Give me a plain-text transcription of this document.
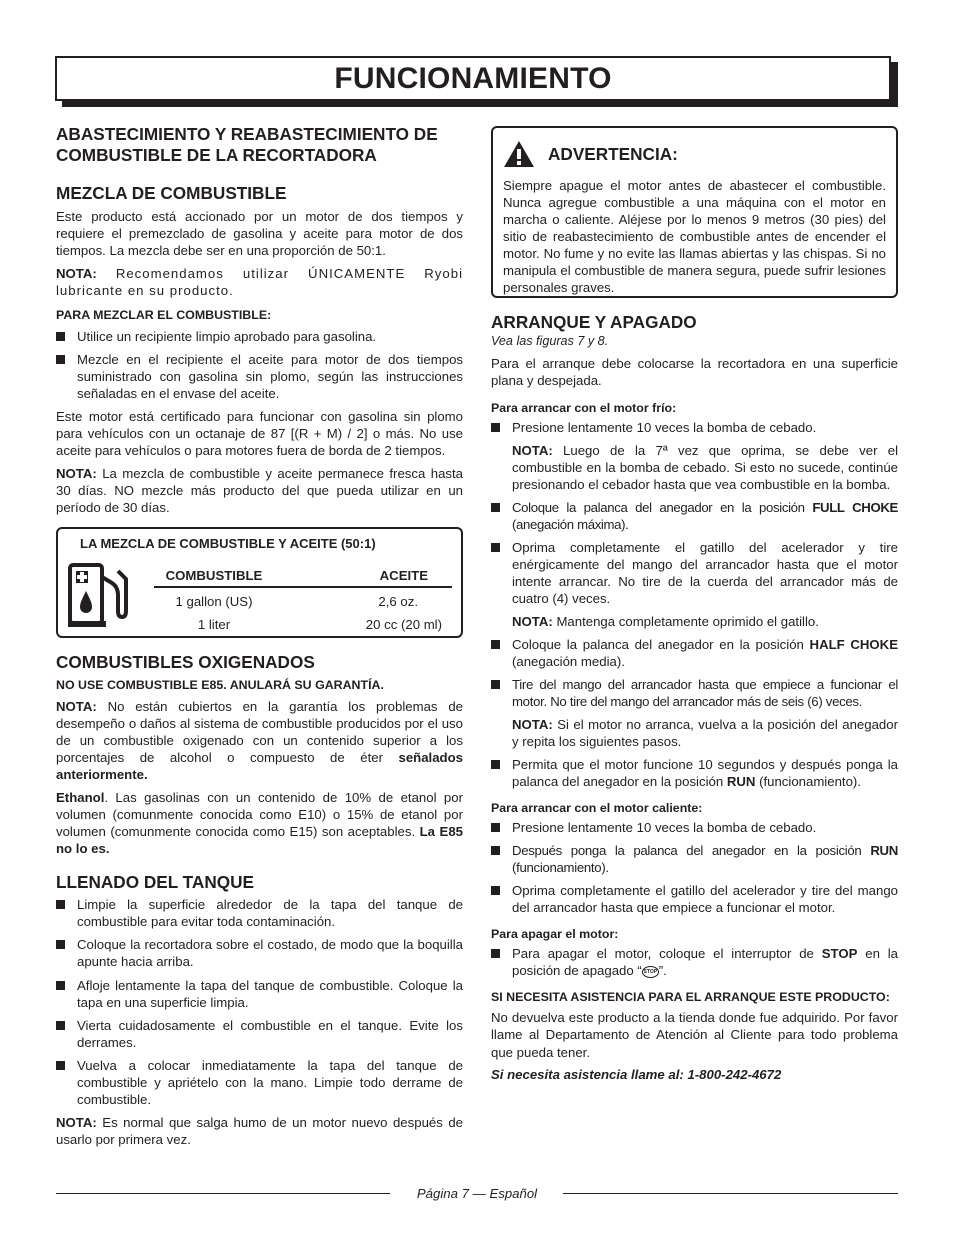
FUNCIONAMIENTO
ABASTECIMIENTO Y REABASTECIMIENTO DE COMBUSTIBLE DE LA RECORTADORA
MEZCLA DE COMBUSTIBLE

Este producto está accionado por un motor de dos tiempos y requiere el premezclado de gasolina y aceite para motor de dos tiempos. La mezcla debe ser en una proporción de 50:1.

NOTA: Recomendamos utilizar ÚNICAMENTE Ryobi lubricante en su producto.

PARA MEZCLAR EL COMBUSTIBLE:

Utilice un recipiente limpio aprobado para gasolina.
Mezcle en el recipiente el aceite para motor de dos tiempos suministrado con gasolina sin plomo, según las instrucciones señaladas en el envase del aceite.

Este motor está certificado para funcionar con gasolina sin plomo para vehículos con un octanaje de 87 [(R + M) / 2] o más. No use aceite para vehículos o para motores fuera de borda de 2 tiempos.

NOTA: La mezcla de combustible y aceite permanece fresca hasta 30 días. NO mezcle más producto del que pueda utilizar en un período de 30 días.

LA MEZCLA DE COMBUSTIBLE Y ACEITE (50:1)
COMBUSTIBLE	ACEITE
1 gallon (US)	2,6 oz.
1 liter	20 cc (20 ml)
COMBUSTIBLES OXIGENADOS

NO USE COMBUSTIBLE E85. ANULARÁ SU GARANTÍA.

NOTA: No están cubiertos en la garantía los problemas de desempeño o daños al sistema de combustible producidos por el uso de un combustible oxigenado con un contenido superior a los porcentajes de alcohol o compuesto de éter señalados anteriormente.

Ethanol. Las gasolinas con un contenido de 10% de etanol por volumen (comunmente conocida como E10) o 15% de etanol por volumen (comunmente conocida como E15) son aceptables. La E85 no lo es.

LLENADO DEL TANQUE
Limpie la superficie alrededor de la tapa del tanque de combustible para evitar toda contaminación.
Coloque la recortadora sobre el costado, de modo que la boquilla apunte hacia arriba.
Afloje lentamente la tapa del tanque de combustible. Coloque la tapa en una superficie limpia.
Vierta cuidadosamente el combustible en el tanque. Evite los derrames.
Vuelva a colocar inmediatamente la tapa del tanque de combustible y apriételo con la mano. Limpie todo derrame de combustible.

NOTA: Es normal que salga humo de un motor nuevo después de usarlo por primera vez.

ADVERTENCIA:
Siempre apague el motor antes de abastecer el combustible. Nunca agregue combustible a una máquina con el motor en marcha o caliente. Aléjese por lo menos 9 metros (30 pies) del sitio de reabastecimiento de combustible antes de encender el motor. No fume y no evite las llamas abiertas y las chispas. Si no manipula el combustible de manera segura, puede sufrir lesiones personales graves.
ARRANQUE Y APAGADO

Vea las figuras 7 y 8.

Para el arranque debe colocarse la recortadora en una superficie plana y despejada.

Para arrancar con el motor frío:

Presione lentamente 10 veces la bomba de cebado.

NOTA: Luego de la 7ª vez que oprima, se debe ver el combustible en la bomba de cebado. Si esto no sucede, continúe presionando el cebador hasta que vea combustible en la bomba.

Coloque la palanca del anegador en la posición FULL CHOKE (anegación máxima).
Oprima completamente el gatillo del acelerador y tire enérgicamente del mango del arrancador hasta que el motor intente arrancar. No tire de la cuerda del arrancador más de cuatro (4) veces.

NOTA: Mantenga completamente oprimido el gatillo.

Coloque la palanca del anegador en la posición HALF CHOKE (anegación media).
Tire del mango del arrancador hasta que empiece a funcionar el motor. No tire del mango del arrancador más de seis (6) veces.

NOTA: Si el motor no arranca, vuelva a la posición del anegador y repita los siguientes pasos.

Permita que el motor funcione 10 segundos y después ponga la palanca del anegador en la posición RUN (funcionamiento).

Para arrancar con el motor caliente:

Presione lentamente 10 veces la bomba de cebado.
Después ponga la palanca del anegador en la posición RUN (funcionamiento).
Oprima completamente el gatillo del acelerador y tire del mango del arrancador hasta que empiece a funcionar el motor.

Para apagar el motor:

Para apagar el motor, coloque el interruptor de STOP en la posición de apagado “ STOP ”.

SI NECESITA ASISTENCIA PARA EL ARRANQUE ESTE PRODUCTO:

No devuelva este producto a la tienda donde fue adquirido. Por favor llame al Departamento de Atención al Cliente para todo problema que pueda tener.

Si necesita asistencia llame al: 1-800-242-4672

Página 7 — Español
